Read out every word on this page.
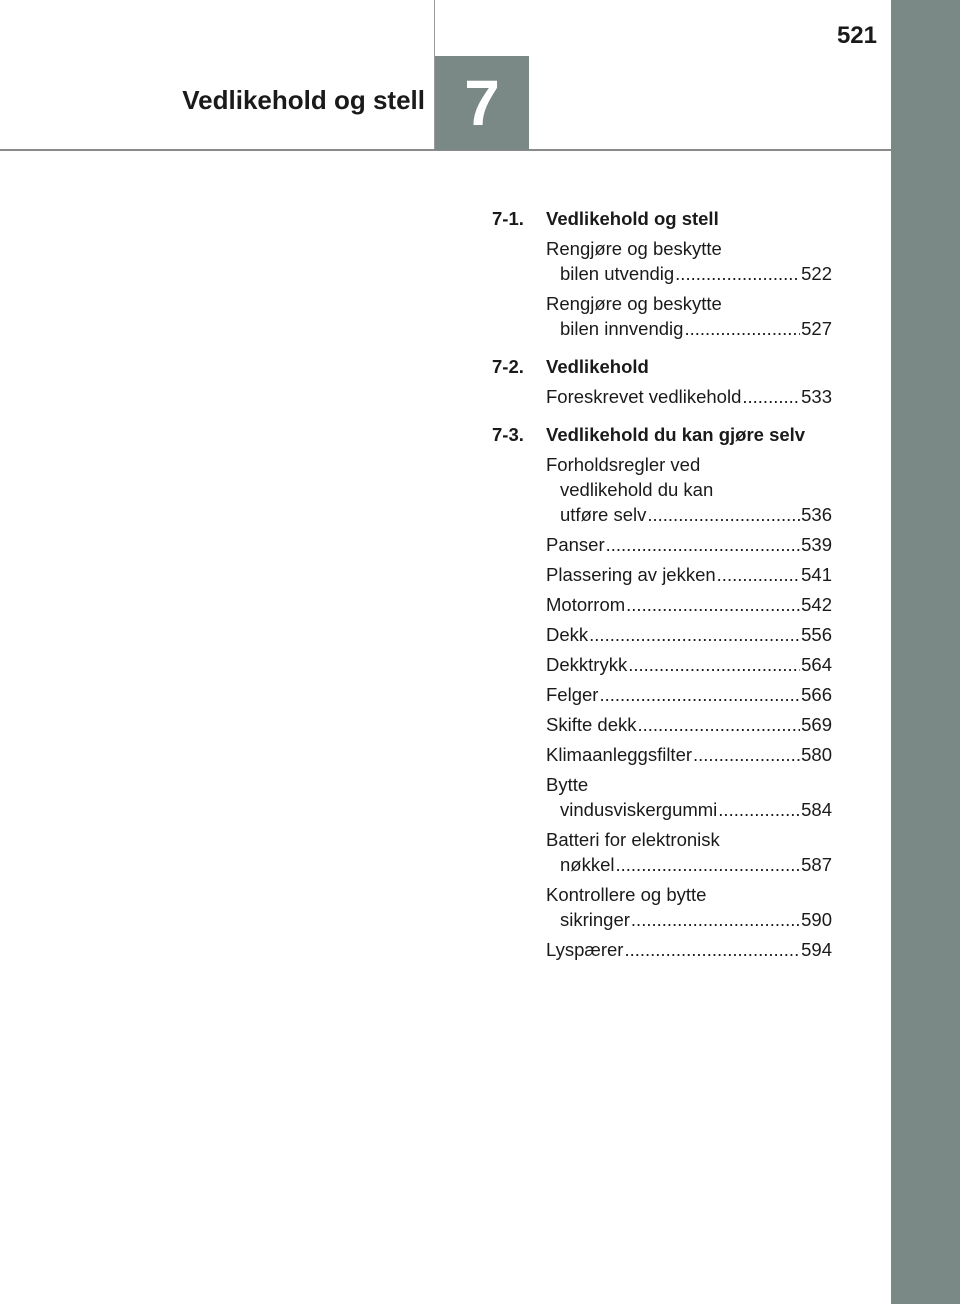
521
Vedlikehold og stell 7
7-1.	Vedlikehold og stell
Rengjøre og beskytte
bilen utvendig .....	522
Rengjøre og beskytte
bilen innvendig .....	527
7-2.	Vedlikehold
Foreskrevet vedlikehold .....	533
7-3.	Vedlikehold du kan gjøre selv
Forholdsregler ved
vedlikehold du kan
utføre selv .....	536
Panser .....	539
Plassering av jekken .....	541
Motorrom .....	542
Dekk .....	556
Dekktrykk .....	564
Felger .....	566
Skifte dekk .....	569
Klimaanleggsfilter .....	580
Bytte
vindusviskergummi .....	584
Batteri for elektronisk
nøkkel .....	587
Kontrollere og bytte
sikringer .....	590
Lyspærer .....	594
